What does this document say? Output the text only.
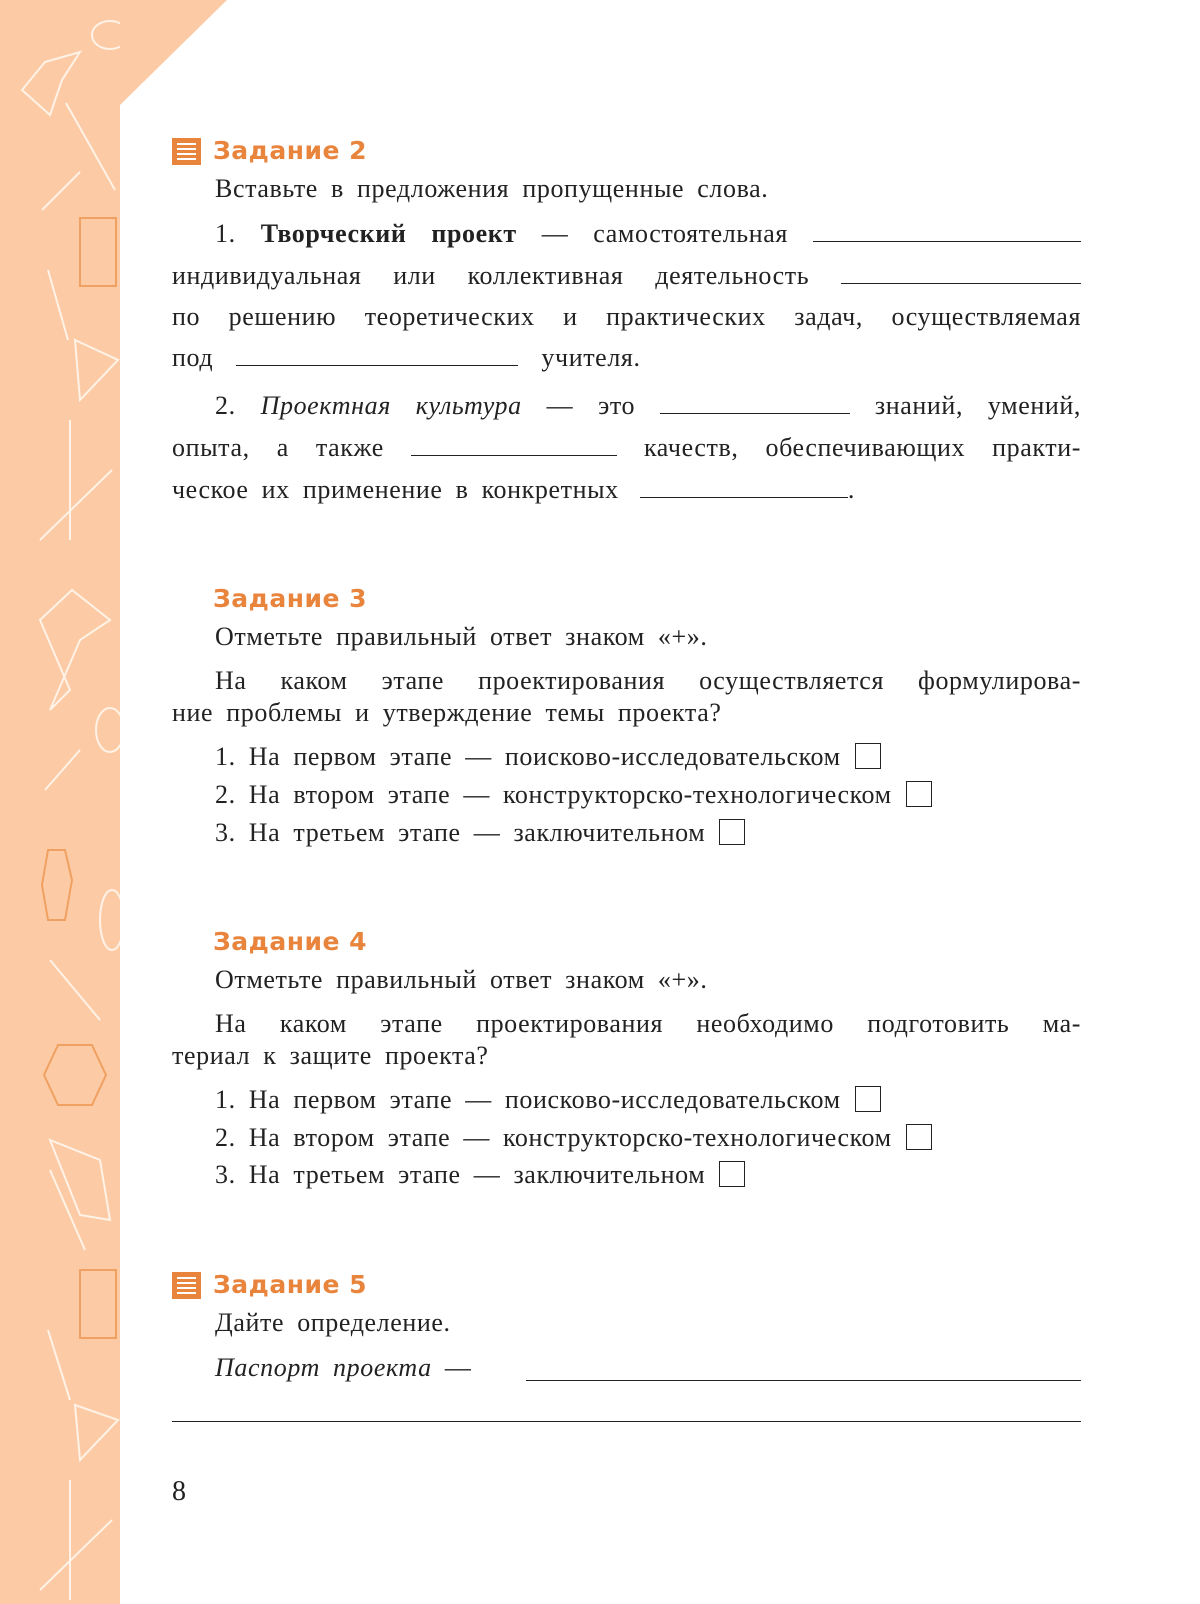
Задание 2
Вставьте в предложения пропущенные слова.
1. Творческий проект — самостоятельная
индивидуальная или коллективная деятельность
по решению теоретических и практических задач, осуществляемая
под	учителя.
2. Проектная культура — это	знаний, умений,
опыта, а также	качеств, обеспечивающих практи-
ческое их применение в конкретных	.
Задание 3
Отметьте правильный ответ знаком «+».
На каком этапе проектирования осуществляется формулирова-
ние проблемы и утверждение темы проекта?
1. На первом этапе — поисково-исследовательском
2. На втором этапе — конструкторско-технологическом
3. На третьем этапе — заключительном
Задание 4
Отметьте правильный ответ знаком «+».
На каком этапе проектирования необходимо подготовить ма-
териал к защите проекта?
1. На первом этапе — поисково-исследовательском
2. На втором этапе — конструкторско-технологическом
3. На третьем этапе — заключительном
Задание 5
Дайте определение.
Паспорт проекта —
8
